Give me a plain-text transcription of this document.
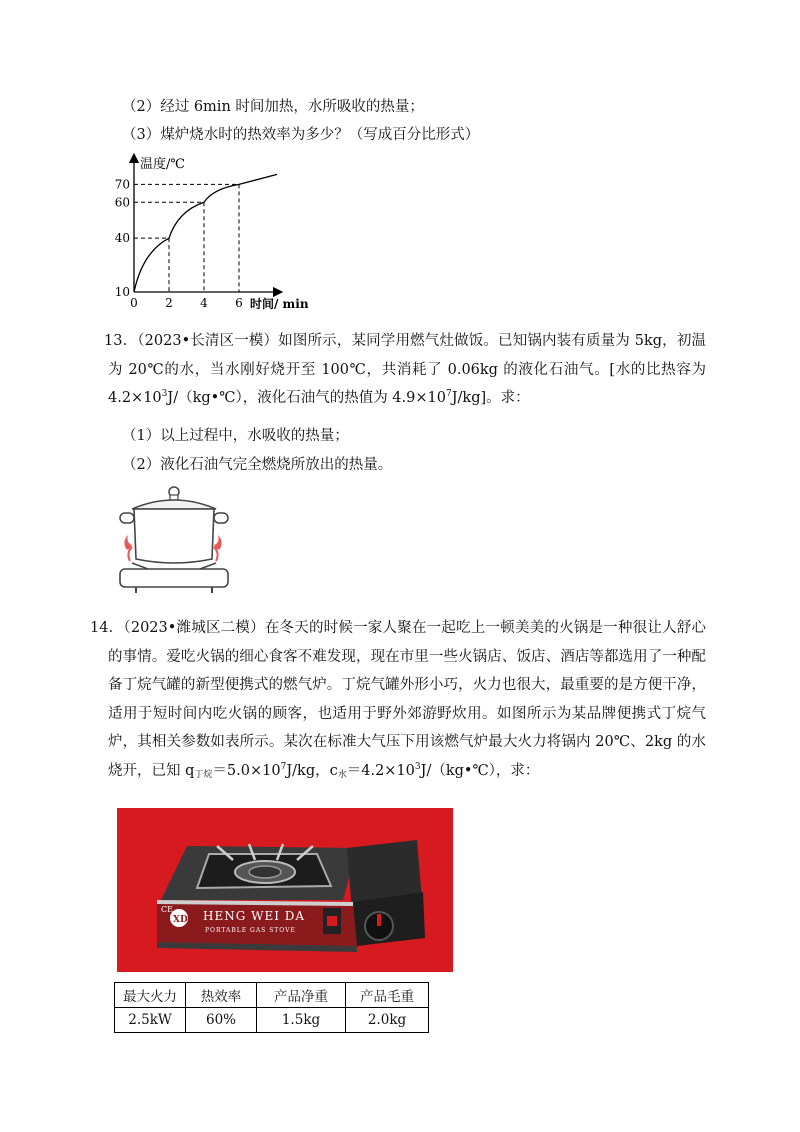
（2）经过 6min 时间加热，水所吸收的热量；
（3）煤炉烧水时的热效率为多少？（写成百分比形式）
温度/℃
时间/ min
10
40
60
70
0 2 4 6
13．（2023•长清区一模）如图所示，某同学用燃气灶做饭。已知锅内装有质量为 5kg，初温为 20℃的水，当水刚好烧开至 100℃，共消耗了 0.06kg 的液化石油气。[水的比热容为 $4.2\times 10^3J/(kg•℃)$，液化石油气的热值为 $4.9\times 10^7J/kg$]。求：
（1）以上过程中，水吸收的热量；
（2）液化石油气完全燃烧所放出的热量。
14．（2023•潍城区二模）在冬天的时候一家人聚在一起吃上一顿美美的火锅是一种很让人舒心的事情。爱吃火锅的细心食客不难发现，现在市里一些火锅店、饭店、酒店等都选用了一种配备丁烷气罐的新型便携式的燃气炉。丁烷气罐外形小巧，火力也很大，最重要的是方便干净，适用于短时间内吃火锅的顾客，也适用于野外郊游野炊用。如图所示为某品牌便携式丁烷气炉，其相关参数如表所示。某次在标准大气压下用该燃气炉最大火力将锅内 20℃、2kg 的水烧开，已知 $q_{丁烷}=5.0\times 10^7J/kg$，$c_水=4.2\times 10^3J/(kg•℃)$，求：
XD
CE	HENG WEI DA
PORTABLE GAS STOVE
最大火力	热效率	产品净重	产品毛重
2.5kW	60%	1.5kg	2.0kg
